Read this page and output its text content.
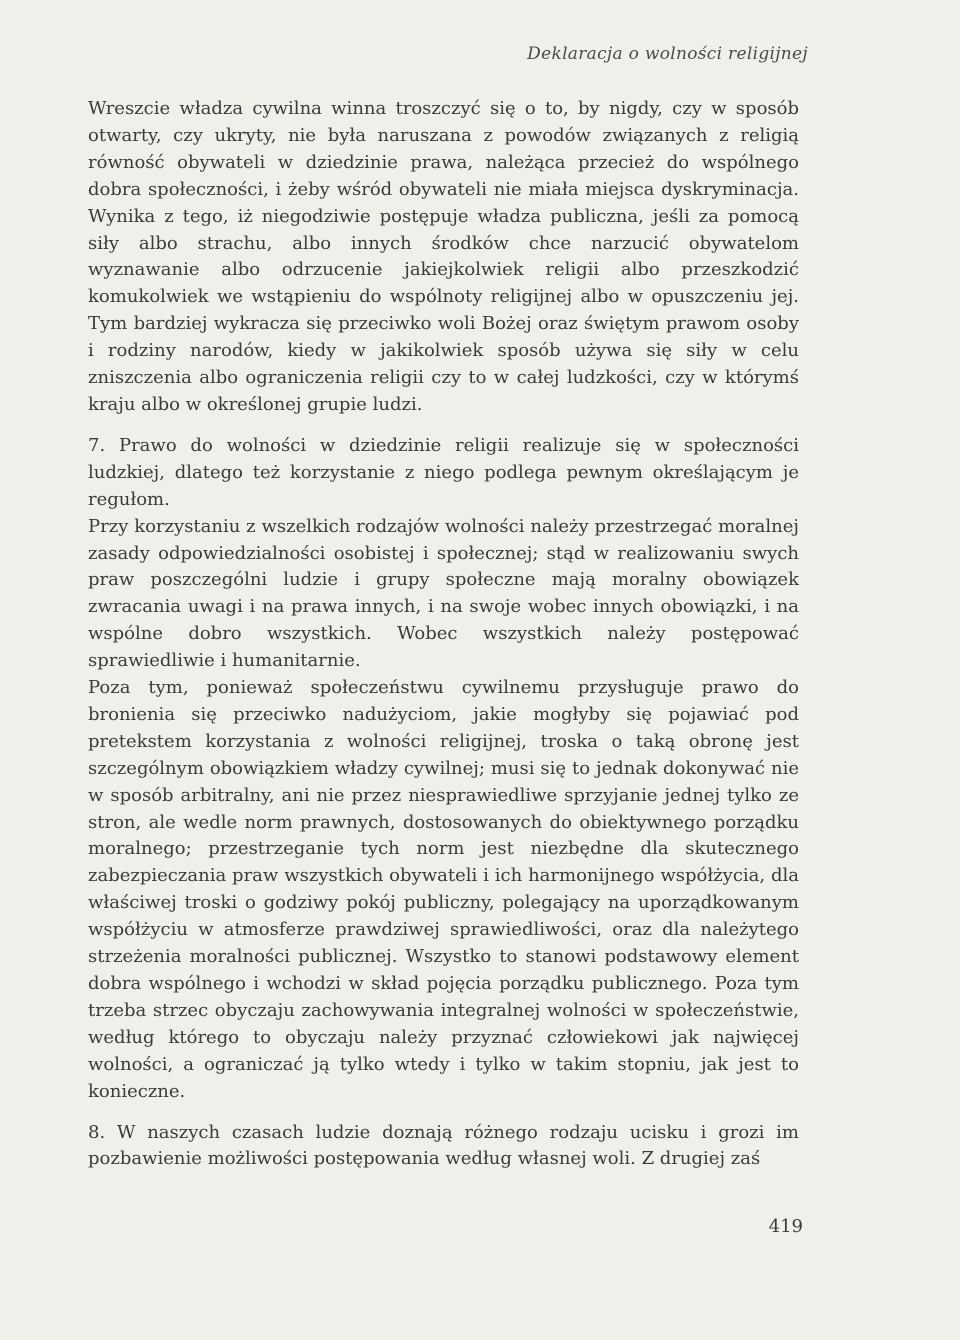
Deklaracja o wolności religijnej

Wreszcie władza cywilna winna troszczyć się o to, by nigdy, czy w sposób otwarty, czy ukryty, nie była naruszana z powodów związanych z religią równość obywateli w dziedzinie prawa, należąca przecież do wspólnego dobra społeczności, i żeby wśród obywateli nie miała miejsca dyskryminacja. Wynika z tego, iż niegodziwie postępuje władza publiczna, jeśli za pomocą siły albo strachu, albo innych środków chce narzucić obywatelom wyznawanie albo odrzucenie jakiejkolwiek religii albo przeszkodzić komukolwiek we wstąpieniu do wspólnoty religijnej albo w opuszczeniu jej. Tym bardziej wykracza się przeciwko woli Bożej oraz świętym prawom osoby i rodziny narodów, kiedy w jakikolwiek sposób używa się siły w celu zniszczenia albo ograniczenia religii czy to w całej ludzkości, czy w którymś kraju albo w określonej grupie ludzi.

7. Prawo do wolności w dziedzinie religii realizuje się w społeczności ludzkiej, dlatego też korzystanie z niego podlega pewnym określającym je regułom.

Przy korzystaniu z wszelkich rodzajów wolności należy przestrzegać moralnej zasady odpowiedzialności osobistej i społecznej; stąd w realizowaniu swych praw poszczególni ludzie i grupy społeczne mają moralny obowiązek zwracania uwagi i na prawa innych, i na swoje wobec innych obowiązki, i na wspólne dobro wszystkich. Wobec wszystkich należy postępować sprawiedliwie i humanitarnie.

Poza tym, ponieważ społeczeństwu cywilnemu przysługuje prawo do bronienia się przeciwko nadużyciom, jakie mogłyby się pojawiać pod pretekstem korzystania z wolności religijnej, troska o taką obronę jest szczególnym obowiązkiem władzy cywilnej; musi się to jednak dokonywać nie w sposób arbitralny, ani nie przez niesprawiedliwe sprzyjanie jednej tylko ze stron, ale wedle norm prawnych, dostosowanych do obiektywnego porządku moralnego; przestrzeganie tych norm jest niezbędne dla skutecznego zabezpieczania praw wszystkich obywateli i ich harmonijnego współżycia, dla właściwej troski o godziwy pokój publiczny, polegający na uporządkowanym współżyciu w atmosferze prawdziwej sprawiedliwości, oraz dla należytego strzeżenia moralności publicznej. Wszystko to stanowi podstawowy element dobra wspólnego i wchodzi w skład pojęcia porządku publicznego. Poza tym trzeba strzec obyczaju zachowywania integralnej wolności w społeczeństwie, według którego to obyczaju należy przyznać człowiekowi jak najwięcej wolności, a ograniczać ją tylko wtedy i tylko w takim stopniu, jak jest to konieczne.

8. W naszych czasach ludzie doznają różnego rodzaju ucisku i grozi im pozbawienie możliwości postępowania według własnej woli. Z drugiej zaś

419
